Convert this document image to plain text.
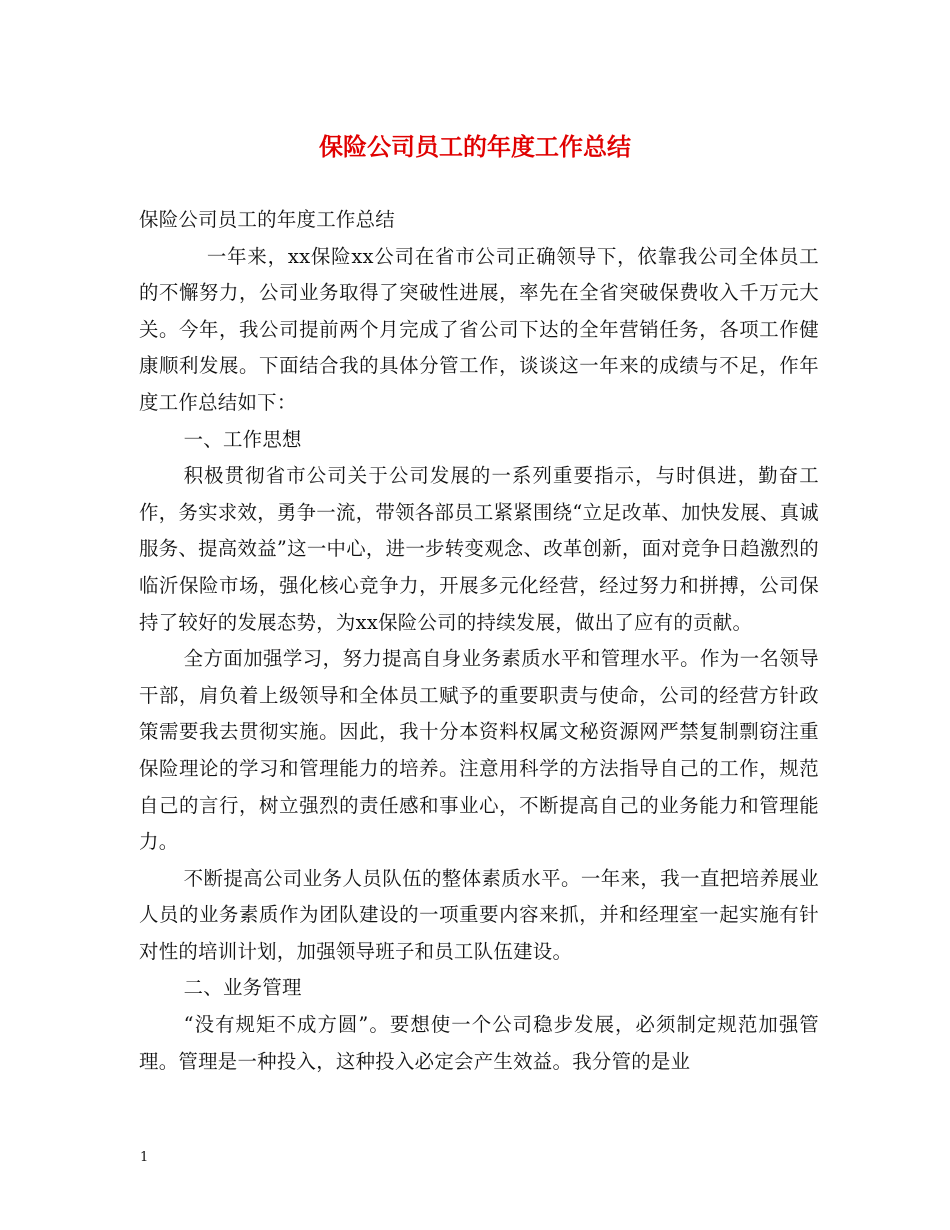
保险公司员工的年度工作总结

保险公司员工的年度工作总结

一年来，xx保险xx公司在省市公司正确领导下，依靠我公司全体员工的不懈努力，公司业务取得了突破性进展，率先在全省突破保费收入千万元大关。今年，我公司提前两个月完成了省公司下达的全年营销任务，各项工作健康顺利发展。下面结合我的具体分管工作，谈谈这一年来的成绩与不足，作年度工作总结如下：

一、工作思想

积极贯彻省市公司关于公司发展的一系列重要指示，与时俱进，勤奋工作，务实求效，勇争一流，带领各部员工紧紧围绕“立足改革、加快发展、真诚服务、提高效益”这一中心，进一步转变观念、改革创新，面对竞争日趋激烈的临沂保险市场，强化核心竞争力，开展多元化经营，经过努力和拼搏，公司保持了较好的发展态势，为xx保险公司的持续发展，做出了应有的贡献。

全方面加强学习，努力提高自身业务素质水平和管理水平。作为一名领导干部，肩负着上级领导和全体员工赋予的重要职责与使命，公司的经营方针政策需要我去贯彻实施。因此，我十分本资料权属文秘资源网严禁复制剽窃注重保险理论的学习和管理能力的培养。注意用科学的方法指导自己的工作，规范自己的言行，树立强烈的责任感和事业心，不断提高自己的业务能力和管理能力。

不断提高公司业务人员队伍的整体素质水平。一年来，我一直把培养展业人员的业务素质作为团队建设的一项重要内容来抓，并和经理室一起实施有针对性的培训计划，加强领导班子和员工队伍建设。

二、业务管理

“没有规矩不成方圆”。要想使一个公司稳步发展，必须制定规范加强管理。管理是一种投入，这种投入必定会产生效益。我分管的是业

1
